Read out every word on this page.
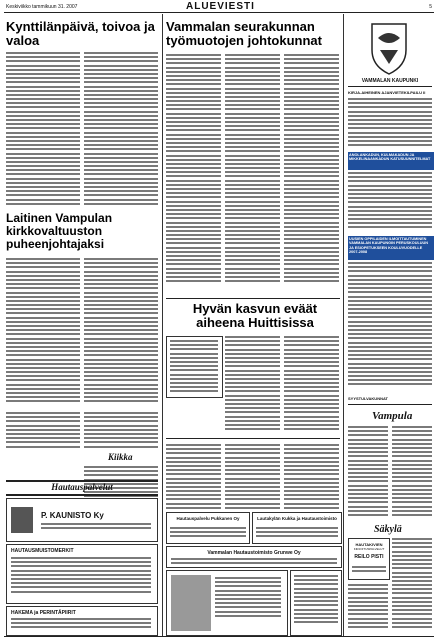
Keskiviikko tammikuun 31. 2007	ALUEVIESTI	5
Kynttilänpäivä, toivoa ja valoa
Laitinen Vampulan kirkkovaltuuston puheenjohtajaksi
Kiikka
Hautauspalvelut
P. KAUNISTO Ky
HAUTAUSMUISTOMERKIT
HAKEMA ja PERINTÄPIIRIT
Vammalan seurakunnan työmuotojen johtokunnat
Hyvän kasvun eväät aiheena Huittisissa
Hautauspalvelu Pukkanen Oy	Lautakylän Kukka ja Hautaustoimisto
Vammalan Hautaustoimisto Grunwe Oy
VAMMALAN KAUPUNKI
KIRJA-AIHEINEN AJANVIETEKILPAILU II
ANOLANKADUN, KULMAKADUN JA MIKKELINAANKADUN KATUSUUNNITELMAT
UUSIEN OPPILAIDEN ILMOITTAUTUMINEN VAMMALAN KAUPUNGIN PERUSKOULUUN JA ESIOPETUKSEEN KOULUVUODELLE 2007-2008
SYYSTULVAKUNNAT
Vampula
Säkylä
HAUTAKIVIEN
KIRJOITUSPALVELUT
REILO PISTI
